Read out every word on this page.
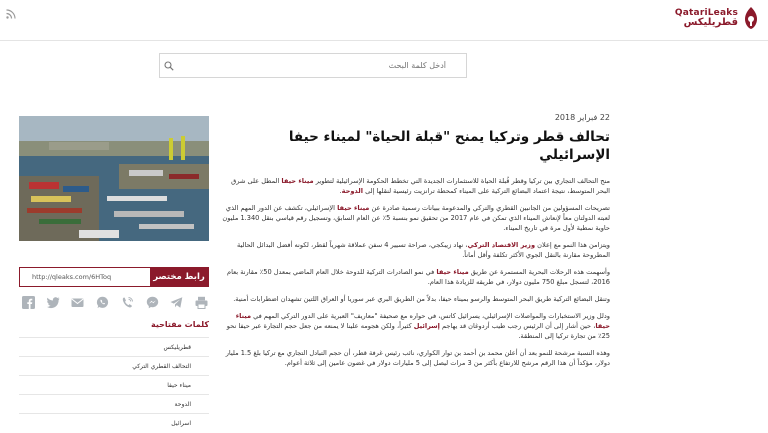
QatariLeaks
قطريليكس
أدخل كلمة البحث
http://qleaks.com/6HToq
رابط مختصر
كلمات مفتاحية
قطريليكس
التحالف القطري التركي
ميناء حيفا
الدوحة
اسرائيل
22 فبراير 2018
تحالف قطر وتركيا يمنح "قبلة الحياة" لميناء حيفا الإسرائيلي

منح التحالف التجاري بين تركيا وقطر قُبلة الحياة للاستثمارات الجديدة التي تخطط الحكومة الإسرائيلية لتطوير ميناء حيفا المطل على شرق البحر المتوسط، نتيجة اعتماد البضائع التركية على الميناء كمحطة ترانزيت رئيسية لنقلها إلى الدوحة.

تصريحات المسؤولين من الجانبين القطري والتركي والمدعومة ببيانات رسمية صادرة عن ميناء حيفا الإسرائيلي، تكشف عن الدور المهم الذي لعبته الدولتان معاً لإنعاش الميناء الذي تمكن في عام 2017 من تحقيق نمو بنسبة 5٪ عن العام السابق، وتسجيل رقم قياسي بنقل 1.340 مليون حاوية نمطية لأول مرة في تاريخ الميناء.

ويتزامن هذا النمو مع إعلان وزير الاقتصاد التركي، نهاد زيبكجي، صراحة تسيير 4 سفن عملاقة شهرياً لقطر، لكونه أفضل البدائل الحالية المطروحة مقارنة بالنقل الجوي الأكثر تكلفة وأقل أماناً.

وأسهمت هذه الرحلات البحرية المستمرة عن طريق ميناء حيفا في نمو الصادرات التركية للدوحة خلال العام الماضي بمعدل 50٪ مقارنة بعام 2016، لتسجل مبلغ 750 مليون دولار، في طريقه للزيادة هذا العام.

وتنقل البضائع التركية طريق البحر المتوسط والرسو بميناء حيفا، بدلاً من الطريق البري عبر سوريا أو العراق اللتين تشهدان اضطرابات أمنية.

ودلل وزير الاستخبارات والمواصلات الإسرائيلي، يسرائيل كاتس، في حواره مع صحيفة "معاريف" العبرية على الدور التركي المهم في ميناء حيفا، حين أشار إلى أن الرئيس رجب طيب أردوغان قد يهاجم إسرائيل كثيراً، ولكن هجومه علينا لا يمنعه من جعل حجم التجارة عبر حيفا نحو 25٪ من تجارة تركيا إلى المنطقة.

وهذه النسبة مرشحة للنمو بعد أن أعلن محمد بن أحمد بن توار الكواري، نائب رئيس غرفة قطر، أن حجم التبادل التجاري مع تركيا بلغ 1.5 مليار دولار، مؤكداً أن هذا الرقم مرشح للارتفاع بأكثر من 3 مرات ليصل إلى 5 مليارات دولار في غضون عامين إلى ثلاثة أعوام.
